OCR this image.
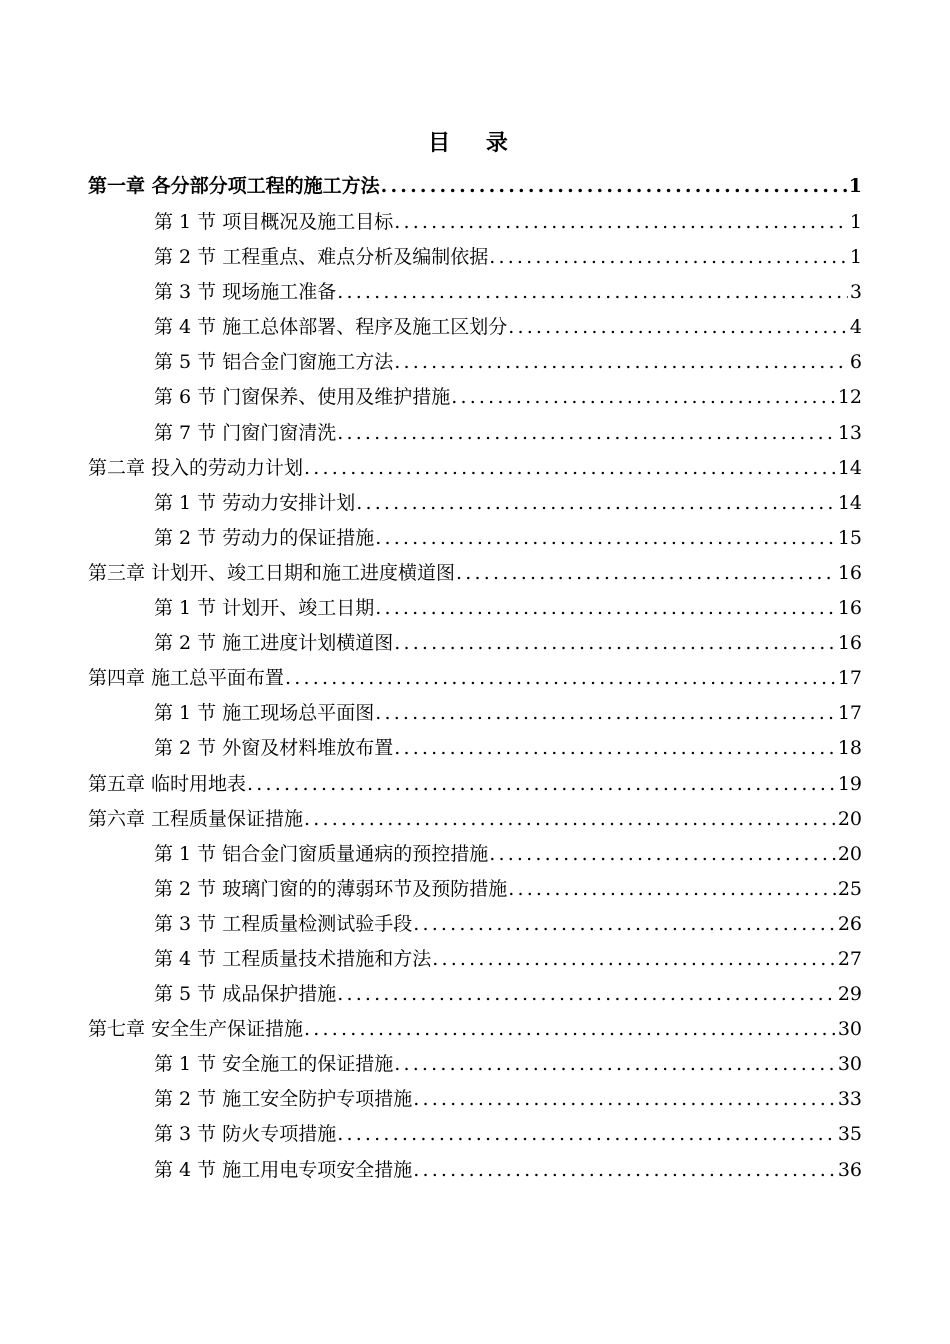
目 录
第一章 各分部分项工程的施工方法 .....	1
第 1 节 项目概况及施工目标 .....	1
第 2 节 工程重点、难点分析及编制依据 .....	1
第 3 节 现场施工准备 .....	3
第 4 节 施工总体部署、程序及施工区划分 .....	4
第 5 节 铝合金门窗施工方法 .....	6
第 6 节 门窗保养、使用及维护措施 .....	12
第 7 节 门窗门窗清洗 .....	13
第二章 投入的劳动力计划 .....	14
第 1 节 劳动力安排计划 .....	14
第 2 节 劳动力的保证措施 .....	15
第三章 计划开、竣工日期和施工进度横道图 .....	16
第 1 节 计划开、竣工日期 .....	16
第 2 节 施工进度计划横道图 .....	16
第四章 施工总平面布置 .....	17
第 1 节 施工现场总平面图 .....	17
第 2 节 外窗及材料堆放布置 .....	18
第五章 临时用地表 .....	19
第六章 工程质量保证措施 .....	20
第 1 节 铝合金门窗质量通病的预控措施 .....	20
第 2 节 玻璃门窗的的薄弱环节及预防措施 .....	25
第 3 节 工程质量检测试验手段 .....	26
第 4 节 工程质量技术措施和方法 .....	27
第 5 节 成品保护措施 .....	29
第七章 安全生产保证措施 .....	30
第 1 节 安全施工的保证措施 .....	30
第 2 节 施工安全防护专项措施 .....	33
第 3 节 防火专项措施 .....	35
第 4 节 施工用电专项安全措施 .....	36
